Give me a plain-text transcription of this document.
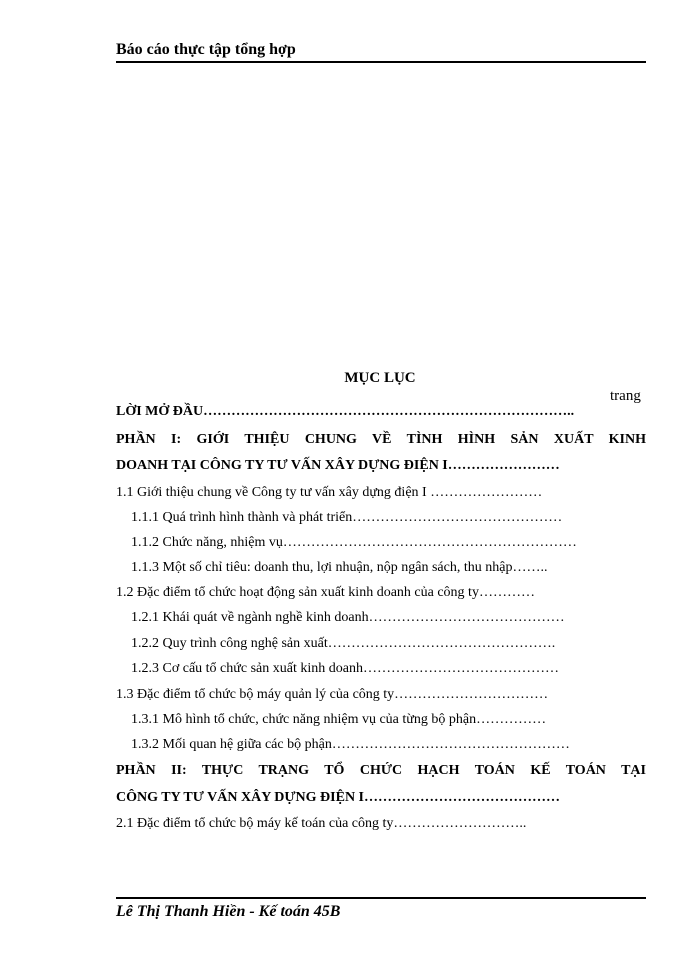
Báo cáo thực tập tổng hợp
MỤC LỤC
trang
LỜI MỞ ĐẦU……………………………………………………………………..
PHẦN I: GIỚI THIỆU CHUNG VỀ TÌNH HÌNH SẢN XUẤT KINH
DOANH TẠI CÔNG TY TƯ VẤN XÂY DỰNG ĐIỆN I……………………
1.1 Giới thiệu chung về Công ty tư vấn xây dựng điện I ……………………
1.1.1 Quá trình hình thành và phát triển………………………………………
1.1.2 Chức năng, nhiệm vụ………………………………………………………
1.1.3 Một số chỉ tiêu: doanh thu, lợi nhuận, nộp ngân sách, thu nhập……..
1.2 Đặc điểm tổ chức hoạt động sản xuất kinh doanh của công ty…………
1.2.1 Khái quát về ngành nghề kinh doanh……………………………………
1.2.2 Quy trình công nghệ sản xuất………………………………………….
1.2.3 Cơ cấu tổ chức sản xuất kinh doanh……………………………………
1.3 Đặc điểm tổ chức bộ máy quản lý của công ty……………………………
1.3.1 Mô hình tổ chức, chức năng nhiệm vụ của từng bộ phận……………
1.3.2 Mối quan hệ giữa các bộ phận……………………………………………
PHẦN II: THỰC TRẠNG TỔ CHỨC HẠCH TOÁN KẾ TOÁN TẠI
CÔNG TY TƯ VẤN XÂY DỰNG ĐIỆN I……………………………………
2.1 Đặc điểm tổ chức bộ máy kế toán của công ty………………………..
Lê Thị Thanh Hiền - Kế toán 45B
